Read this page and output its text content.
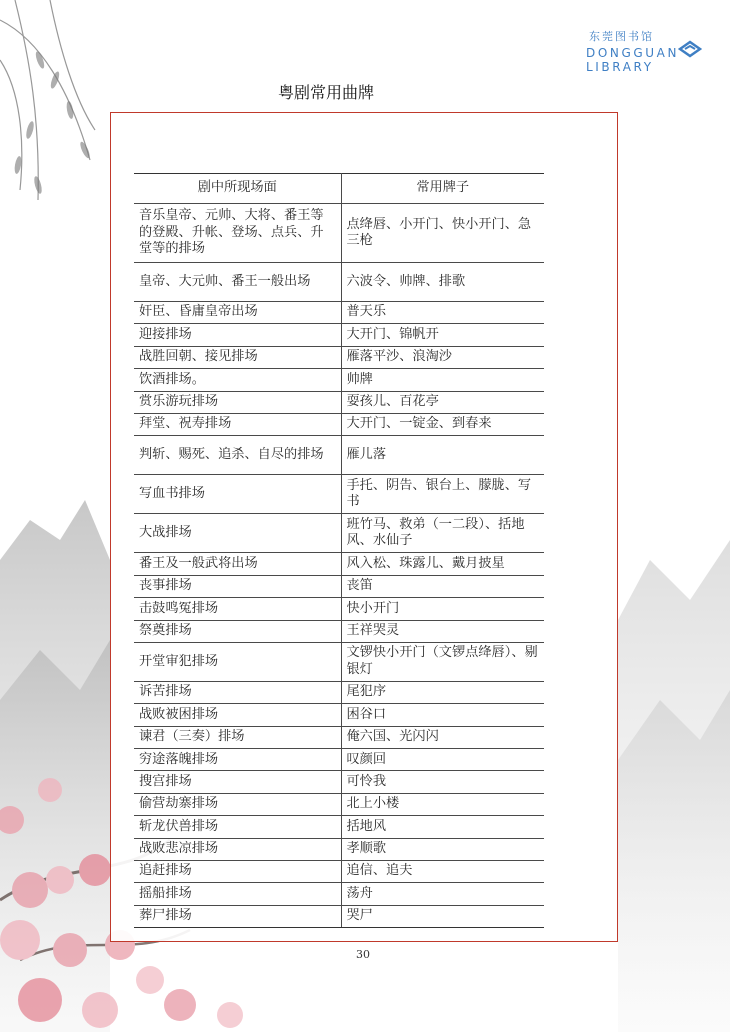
东莞图书馆
DONGGUAN
LIBRARY
粤剧常用曲牌
剧中所现场面	常用牌子
音乐皇帝、元帅、大将、番王等的登殿、升帐、登场、点兵、升堂等的排场	点绛唇、小开门、快小开门、急三枪
皇帝、大元帅、番王一般出场	六波令、帅牌、排歌
奸臣、昏庸皇帝出场	普天乐
迎接排场	大开门、锦帆开
战胜回朝、接见排场	雁落平沙、浪淘沙
饮酒排场。	帅牌
赏乐游玩排场	耍孩儿、百花亭
拜堂、祝寿排场	大开门、一锭金、到春来
判斩、赐死、追杀、自尽的排场	雁儿落
写血书排场	手托、阴告、银台上、朦胧、写书
大战排场	班竹马、救弟（一二段）、括地风、水仙子
番王及一般武将出场	风入松、珠露儿、戴月披星
丧事排场	丧笛
击鼓鸣冤排场	快小开门
祭奠排场	王祥哭灵
开堂审犯排场	文锣快小开门（文锣点绛唇）、剔银灯
诉苦排场	尾犯序
战败被困排场	困谷口
谏君（三奏）排场	俺六国、光闪闪
穷途落魄排场	叹颜回
搜宫排场	可怜我
偷营劫寨排场	北上小楼
斩龙伏兽排场	括地风
战败悲凉排场	孝顺歌
追赶排场	追信、追夫
摇船排场	荡舟
葬尸排场	哭尸
30
